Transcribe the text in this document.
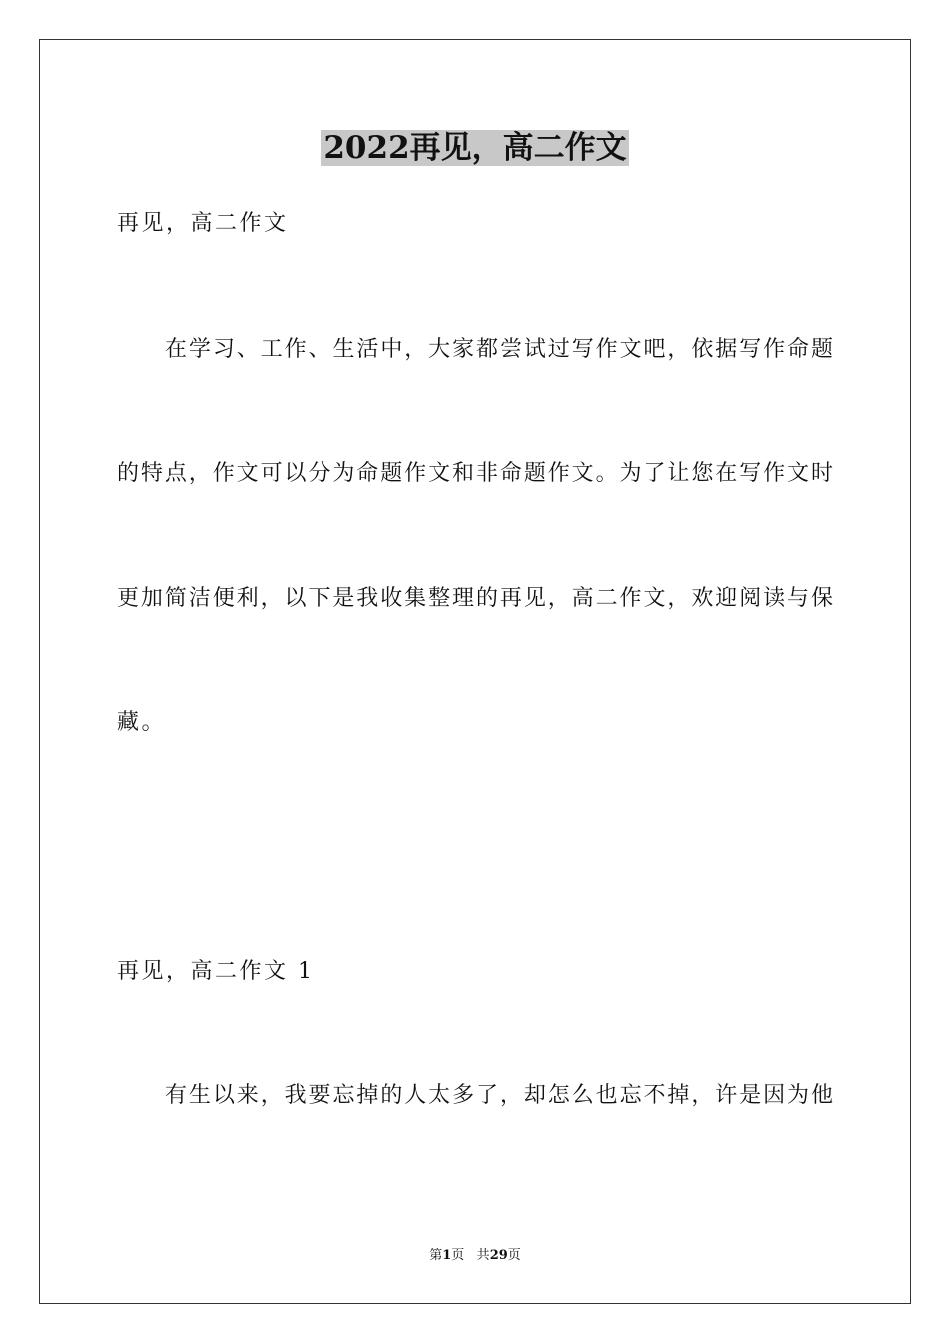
2022再见，高二作文

再见，高二作文

在学习、工作、生活中，大家都尝试过写作文吧，依据写作命题

的特点，作文可以分为命题作文和非命题作文。为了让您在写作文时

更加简洁便利，以下是我收集整理的再见，高二作文，欢迎阅读与保

藏。

再见，高二作文 1

有生以来，我要忘掉的人太多了，却怎么也忘不掉，许是因为他

第1页 共29页
